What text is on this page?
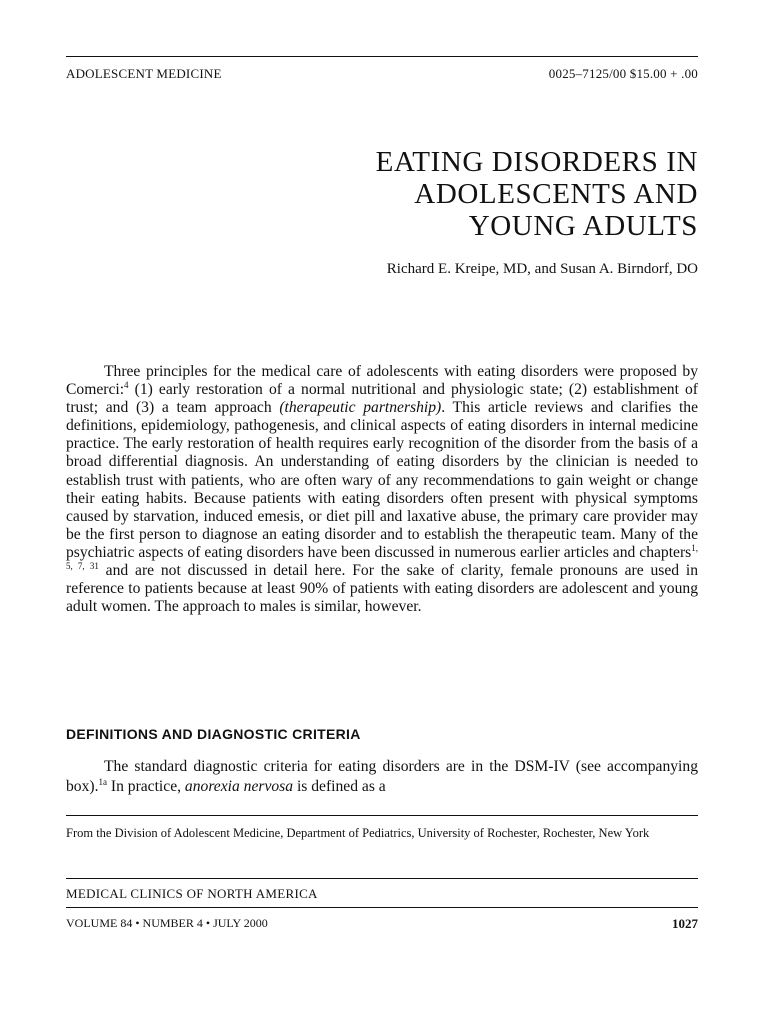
ADOLESCENT MEDICINE	0025–7125/00 $15.00 + .00
EATING DISORDERS IN
ADOLESCENTS AND
YOUNG ADULTS
Richard E. Kreipe, MD, and Susan A. Birndorf, DO

Three principles for the medical care of adolescents with eating disorders were proposed by Comerci:$^4$ (1) early restoration of a normal nutritional and physiologic state; (2) establishment of trust; and (3) a team approach (therapeutic partnership). This article reviews and clarifies the definitions, epidemiology, pathogenesis, and clinical aspects of eating disorders in internal medicine practice. The early restoration of health requires early recognition of the disorder from the basis of a broad differential diagnosis. An understanding of eating disorders by the clinician is needed to establish trust with patients, who are often wary of any recommendations to gain weight or change their eating habits. Because patients with eating disorders often present with physical symptoms caused by starvation, induced emesis, or diet pill and laxative abuse, the primary care provider may be the first person to diagnose an eating disorder and to establish the therapeutic team. Many of the psychiatric aspects of eating disorders have been discussed in numerous earlier articles and chapters$^{1, 5, 7, 31}$ and are not discussed in detail here. For the sake of clarity, female pronouns are used in reference to patients because at least 90% of patients with eating disorders are adolescent and young adult women. The approach to males is similar, however.

DEFINITIONS AND DIAGNOSTIC CRITERIA

The standard diagnostic criteria for eating disorders are in the DSM-IV (see accompanying box).$^{1a}$ In practice, anorexia nervosa is defined as a

From the Division of Adolescent Medicine, Department of Pediatrics, University of Rochester, Rochester, New York

MEDICAL CLINICS OF NORTH AMERICA
VOLUME 84 • NUMBER 4 • JULY 2000	1027
